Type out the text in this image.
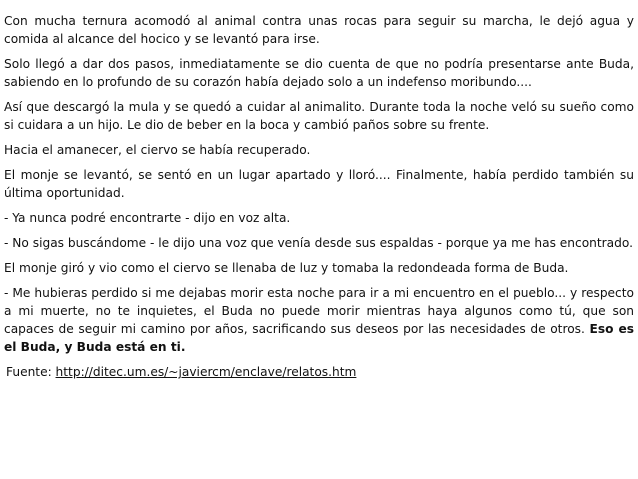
Con mucha ternura acomodó al animal contra unas rocas para seguir su marcha, le dejó agua y comida al alcance del hocico y se levantó para irse.

Solo llegó a dar dos pasos, inmediatamente se dio cuenta de que no podría presentarse ante Buda, sabiendo en lo profundo de su corazón había dejado solo a un indefenso moribundo....

Así que descargó la mula y se quedó a cuidar al animalito. Durante toda la noche veló su sueño como si cuidara a un hijo. Le dio de beber en la boca y cambió paños sobre su frente.

Hacia el amanecer, el ciervo se había recuperado.

El monje se levantó, se sentó en un lugar apartado y lloró.... Finalmente, había perdido también su última oportunidad.

- Ya nunca podré encontrarte - dijo en voz alta.

- No sigas buscándome - le dijo una voz que venía desde sus espaldas - porque ya me has encontrado.

El monje giró y vio como el ciervo se llenaba de luz y tomaba la redondeada forma de Buda.

- Me hubieras perdido si me dejabas morir esta noche para ir a mi encuentro en el pueblo... y respecto a mi muerte, no te inquietes, el Buda no puede morir mientras haya algunos como tú, que son capaces de seguir mi camino por años, sacrificando sus deseos por las necesidades de otros. Eso es el Buda, y Buda está en ti.

Fuente: http://ditec.um.es/~javiercm/enclave/relatos.htm
